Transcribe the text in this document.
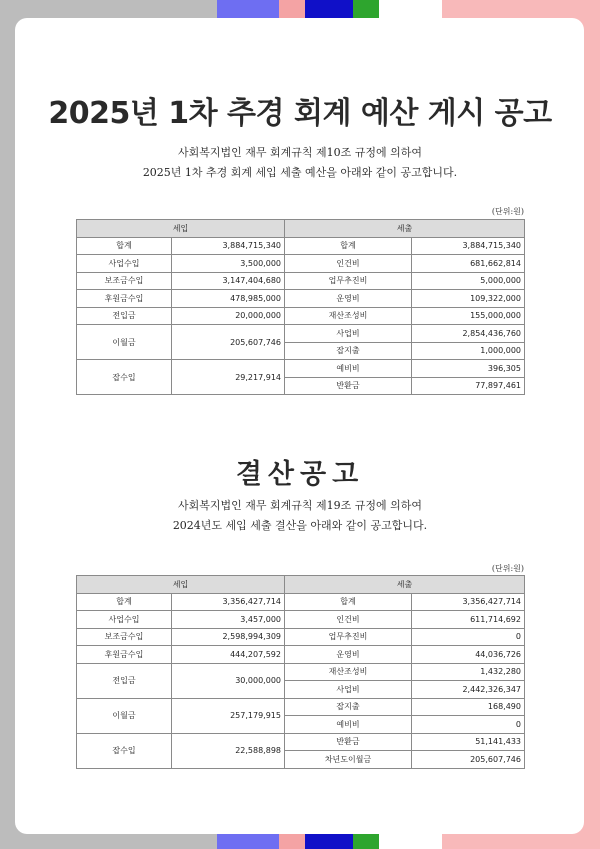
2025년 1차 추경 회계 예산 게시 공고
사회복지법인 재무 회계규칙 제10조 규정에 의하여
2025년 1차 추경 회계 세입 세출 예산을 아래와 같이 공고합니다.
(단위:원)
세입		세출	
합계	3,884,715,340	합계	3,884,715,340
사업수입	3,500,000	인건비	681,662,814
보조금수입	3,147,404,680	업무추진비	5,000,000
후원금수입	478,985,000	운영비	109,322,000
전입금	20,000,000	재산조성비	155,000,000
이월금	205,607,746	사업비	2,854,436,760
		잡지출	1,000,000
잡수입	29,217,914	예비비	396,305
		반환금	77,897,461
결산공고
사회복지법인 재무 회계규칙 제19조 규정에 의하여
2024년도 세입 세출 결산을 아래와 같이 공고합니다.
(단위:원)
세입		세출	
합계	3,356,427,714	합계	3,356,427,714
사업수입	3,457,000	인건비	611,714,692
보조금수입	2,598,994,309	업무추진비	0
후원금수입	444,207,592	운영비	44,036,726
전입금	30,000,000	재산조성비	1,432,280
		사업비	2,442,326,347
이월금	257,179,915	잡지출	168,490
		예비비	0
잡수입	22,588,898	반환금	51,141,433
		차년도이월금	205,607,746
